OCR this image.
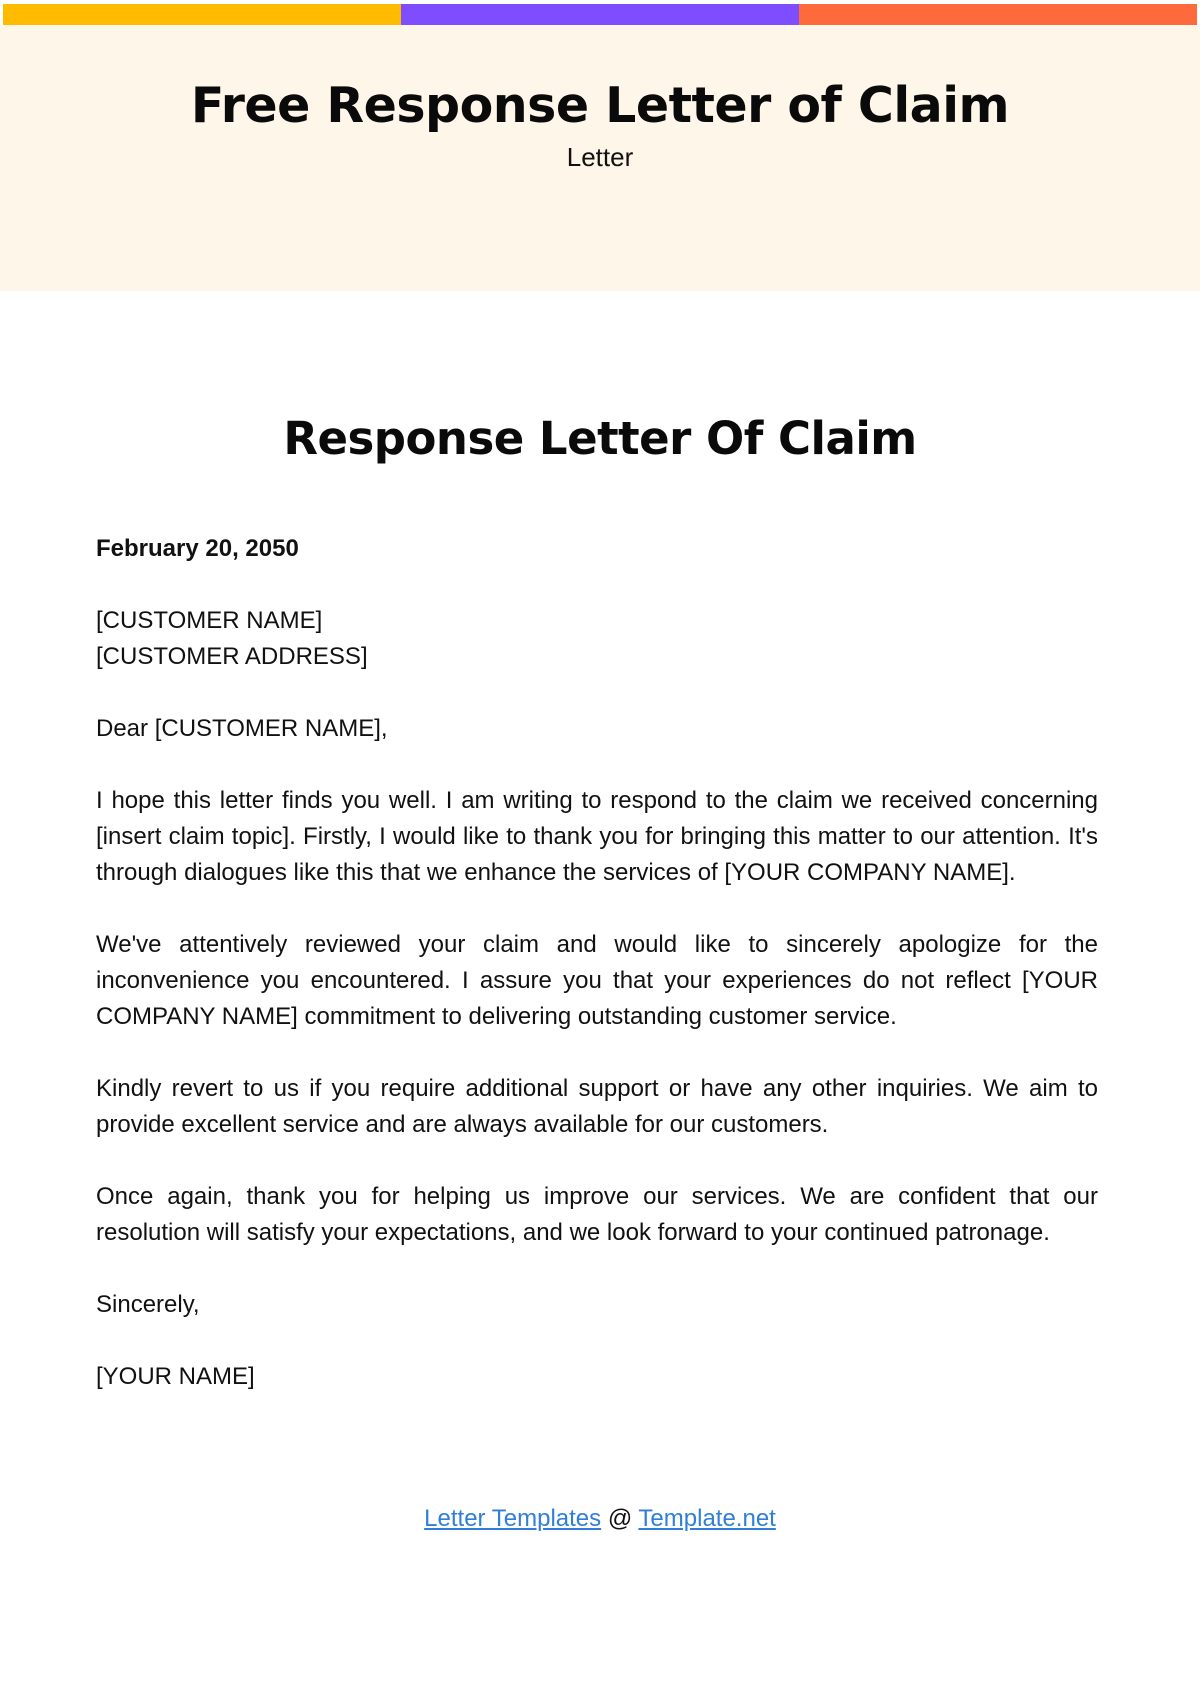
Free Response Letter of Claim
Letter
Response Letter Of Claim

February 20, 2050

[CUSTOMER NAME]
[CUSTOMER ADDRESS]

Dear [CUSTOMER NAME],

I hope this letter finds you well. I am writing to respond to the claim we received concerning [insert claim topic]. Firstly, I would like to thank you for bringing this matter to our attention. It's through dialogues like this that we enhance the services of [YOUR COMPANY NAME].

We've attentively reviewed your claim and would like to sincerely apologize for the inconvenience you encountered. I assure you that your experiences do not reflect [YOUR COMPANY NAME] commitment to delivering outstanding customer service.

Kindly revert to us if you require additional support or have any other inquiries. We aim to provide excellent service and are always available for our customers.

Once again, thank you for helping us improve our services. We are confident that our resolution will satisfy your expectations, and we look forward to your continued patronage.

Sincerely,

[YOUR NAME]

Letter Templates @ Template.net
